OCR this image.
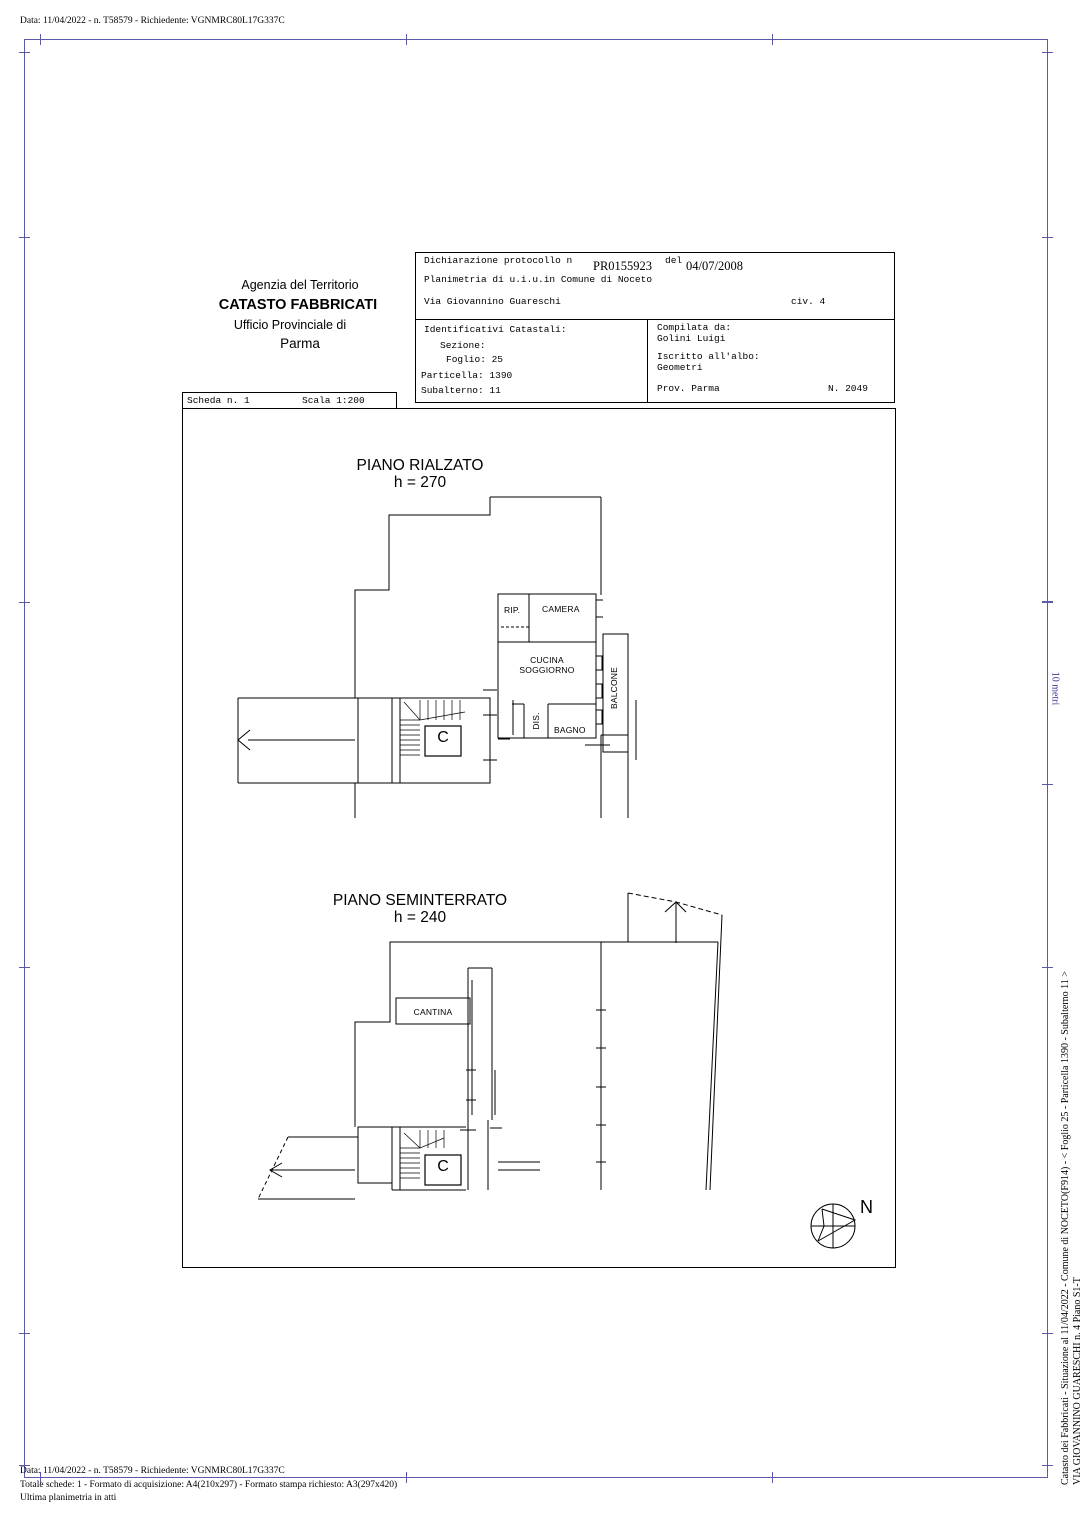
Data: 11/04/2022 - n. T58579 - Richiedente: VGNMRC80L17G337C
Agenzia del Territorio
CATASTO FABBRICATI
Ufficio Provinciale di
Parma
Dichiarazione protocollo n PR0155923 del 04/07/2008
Planimetria di u.i.u.in Comune di Noceto
Via Giovannino Guareschi	civ. 4
Identificativi Catastali:
Sezione:
Foglio: 25
Particella: 1390
Subalterno: 11
Compilata da:
Golini Luigi
Iscritto all'albo:
Geometri
Prov. Parma	N. 2049
Scheda n. 1	Scala 1:200
PIANO RIALZATO
h = 270
RIP.	CAMERA
CUCINA
SOGGIORNO	BALCONE
DIS.
BAGNO
C
PIANO SEMINTERRATO
h = 240
CANTINA
C
N
10 metri
Catasto dei Fabbricati - Situazione al 11/04/2022 - Comune di NOCETO(F914) - < Foglio 25 - Particella 1390 - Subalterno 11 > VIA GIOVANNINO GUARESCHI n. 4 Piano S1-T
Data: 11/04/2022 - n. T58579 - Richiedente: VGNMRC80L17G337C
Totale schede: 1 - Formato di acquisizione: A4(210x297) - Formato stampa richiesto: A3(297x420)
Ultima planimetria in atti
